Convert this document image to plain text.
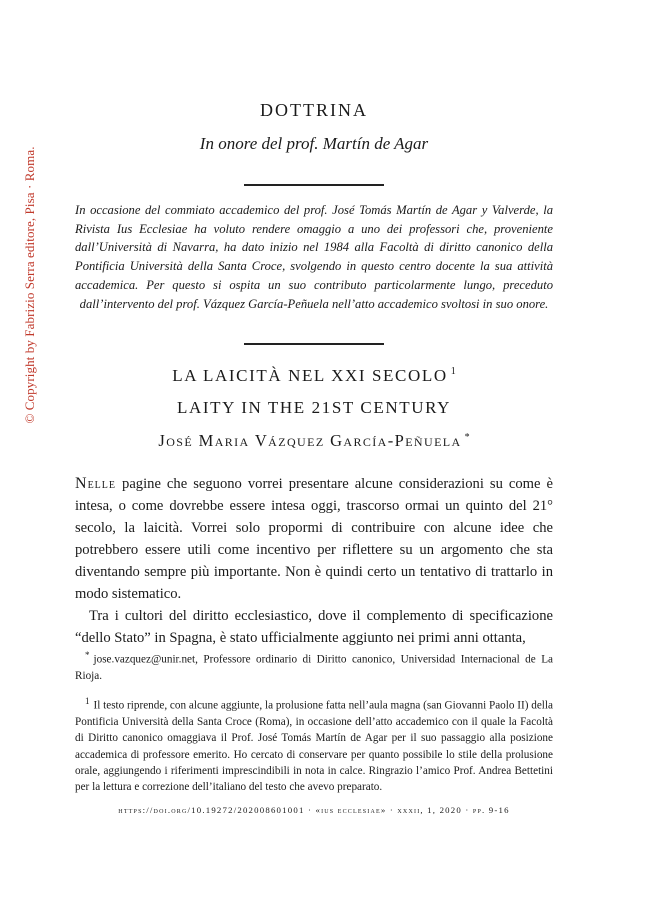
© Copyright by Fabrizio Serra editore, Pisa · Roma.
DOTTRINA
In onore del prof. Martín de Agar
In occasione del commiato accademico del prof. José Tomás Martín de Agar y Valverde, la Rivista Ius Ecclesiae ha voluto rendere omaggio a uno dei professori che, proveniente dall’Università di Navarra, ha dato inizio nel 1984 alla Facoltà di diritto canonico della Pontificia Università della Santa Croce, svolgendo in questo centro docente la sua attività accademica. Per questo si ospita un suo contributo particolarmente lungo, preceduto dall’intervento del prof. Vázquez García-Peñuela nell’atto accademico svoltosi in suo onore.
LA LAICITÀ NEL XXI SECOLO $^1$
LAITY IN THE 21ST CENTURY
José Maria Vázquez García-Peñuela *

Nelle pagine che seguono vorrei presentare alcune considerazioni su come è intesa, o come dovrebbe essere intesa oggi, trascorso ormai un quinto del 21° secolo, la laicità. Vorrei solo propormi di contribuire con alcune idee che potrebbero essere utili come incentivo per riflettere su un argomento che sta diventando sempre più importante. Non è quindi certo un tentativo di trattarlo in modo sistematico.

Tra i cultori del diritto ecclesiastico, dove il complemento di specificazione “dello Stato” in Spagna, è stato ufficialmente aggiunto nei primi anni ottanta,

* jose.vazquez@unir.net, Professore ordinario di Diritto canonico, Universidad Internacional de La Rioja.

$^1$ Il testo riprende, con alcune aggiunte, la prolusione fatta nell’aula magna (san Giovanni Paolo II) della Pontificia Università della Santa Croce (Roma), in occasione dell’atto accademico con il quale la Facoltà di Diritto canonico omaggiava il Prof. José Tomás Martín de Agar per il suo passaggio alla posizione accademica di professore emerito. Ho cercato di conservare per quanto possibile lo stile della prolusione orale, aggiungendo i riferimenti imprescindibili in nota in calce. Ringrazio l’amico Prof. Andrea Bettetini per la lettura e correzione dell’italiano del testo che avevo preparato.

https://doi.org/10.19272/202008601001 · «ius ecclesiae» · xxxii, 1, 2020 · pp. 9-16
